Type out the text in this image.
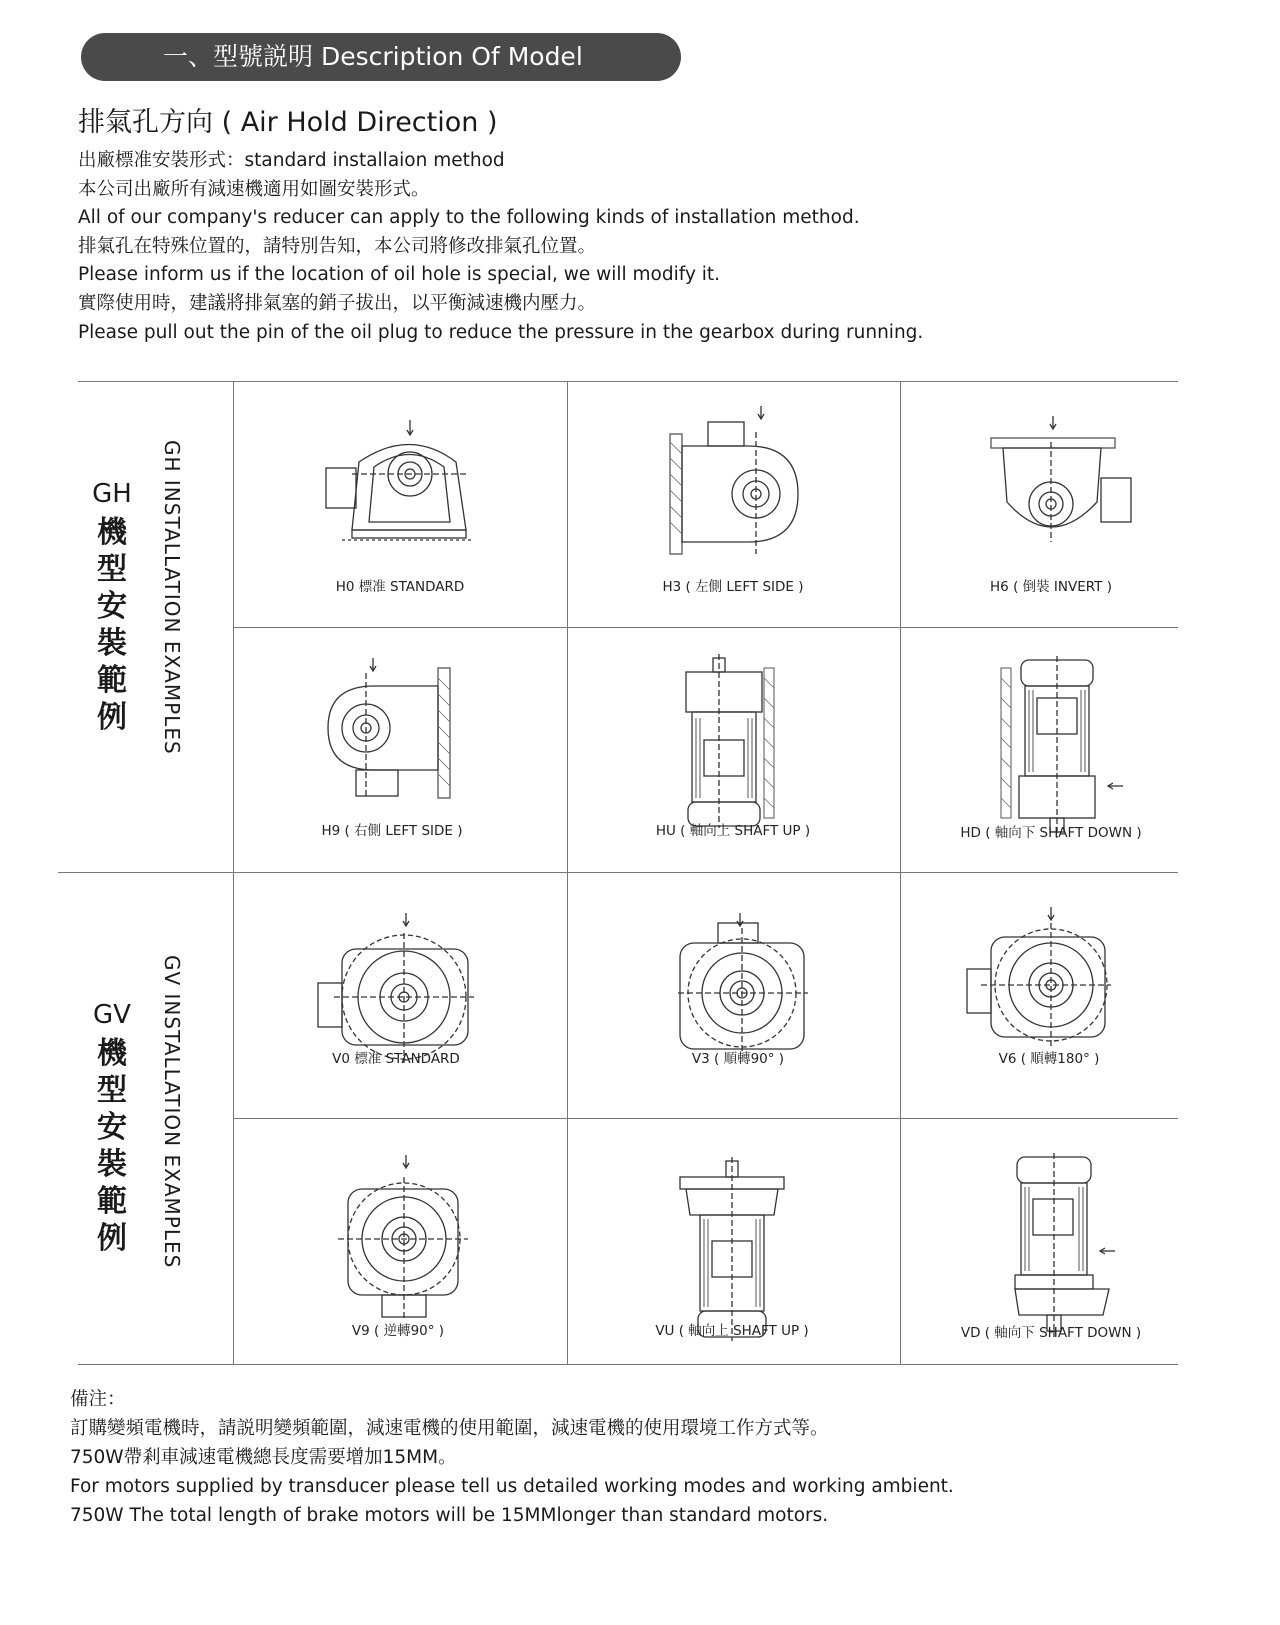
一、型號説明 Description Of Model
排氣孔方向 ( Air Hold Direction )
出廠標准安裝形式：standard installaion method
本公司出廠所有減速機適用如圖安裝形式。
All of our company's reducer can apply to the following kinds of installation method.
排氣孔在特殊位置的，請特別告知，本公司將修改排氣孔位置。
Please inform us if the location of oil hole is special, we will modify it.
實際使用時，建議將排氣塞的銷子拔出，以平衡減速機内壓力。
Please pull out the pin of the oil plug to reduce the pressure in the gearbox during running.
GH
機型安裝範例 GH INSTALLATION EXAMPLES
GV
機型安裝範例 GV INSTALLATION EXAMPLES
H0 標准 STANDARD	H3 ( 左側 LEFT SIDE )	H6 ( 倒裝 INVERT )
H9 ( 右側 LEFT SIDE )	HU ( 軸向上 SHAFT UP )	HD ( 軸向下 SHAFT DOWN )
V0 標准 STANDARD	V3 ( 順轉90° )	V6 ( 順轉180° )
V9 ( 逆轉90° )	VU ( 軸向上 SHAFT UP )	VD ( 軸向下 SHAFT DOWN )
備注：
訂購變頻電機時，請説明變頻範圍，減速電機的使用範圍，減速電機的使用環境工作方式等。
750W帶剎車減速電機總長度需要增加15MM。
For motors supplied by transducer please tell us detailed working modes and working ambient.
750W The total length of brake motors will be 15MMlonger than standard motors.
